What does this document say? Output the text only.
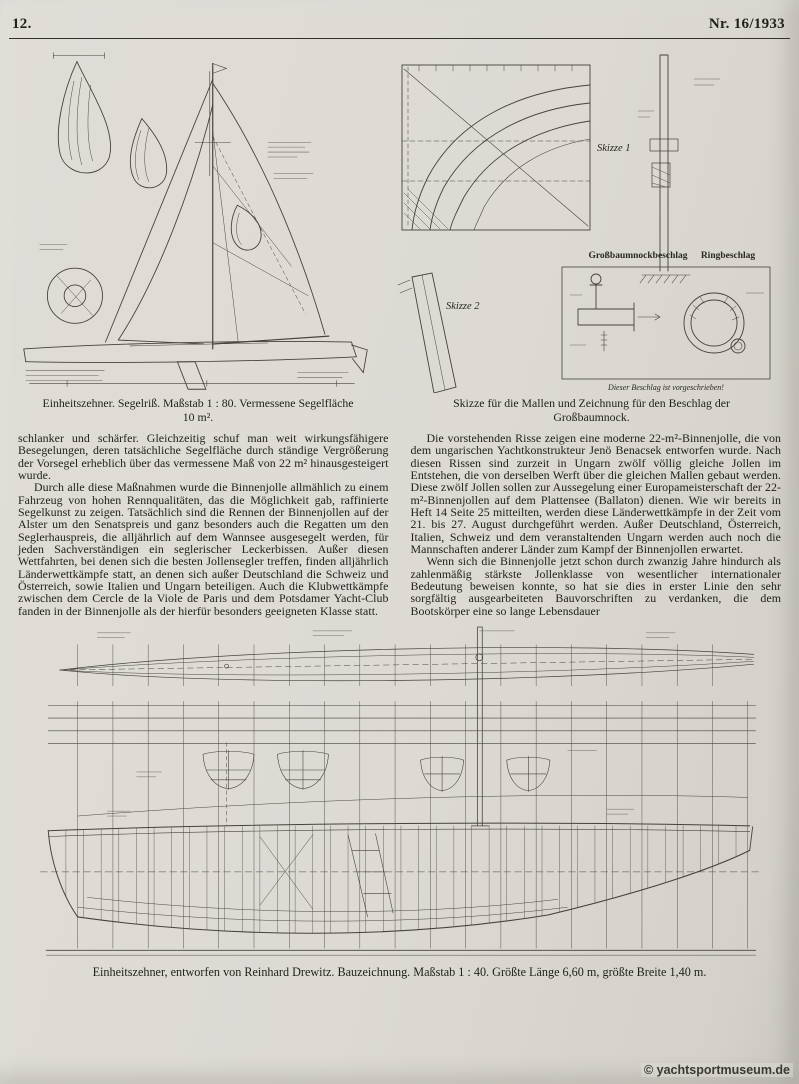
12.	Nr. 16/1933
Einheitszehner. Segelriß. Maßstab 1 : 80. Vermessene Segelfläche
10 m².
Skizze 1
Skizze 2
Großbaumnockbeschlag Ringbeschlag
Dieser Beschlag ist vorgeschrieben!
Skizze für die Mallen und Zeichnung für den Beschlag der
Großbaumnock.

schlanker und schärfer. Gleichzeitig schuf man weit wirkungsfähigere Besegelungen, deren tatsächliche Segelfläche durch ständige Vergrößerung der Vorsegel erheblich über das vermessene Maß von 22 m² hinausgesteigert wurde.

Durch alle diese Maßnahmen wurde die Binnenjolle allmählich zu einem Fahrzeug von hohen Rennqualitäten, das die Möglichkeit gab, raffinierte Segelkunst zu zeigen. Tatsächlich sind die Rennen der Binnenjollen auf der Alster um den Senatspreis und ganz besonders auch die Regatten um den Seglerhauspreis, die alljährlich auf dem Wannsee ausgesegelt werden, für jeden Sachverständigen ein seglerischer Leckerbissen. Außer diesen Wettfahrten, bei denen sich die besten Jollensegler treffen, finden alljährlich Länderwettkämpfe statt, an denen sich außer Deutschland die Schweiz und Österreich, sowie Italien und Ungarn beteiligen. Auch die Klubwettkämpfe zwischen dem Cercle de la Viole de Paris und dem Potsdamer Yacht-Club fanden in der Binnenjolle als der hierfür besonders geeigneten Klasse statt.

Die vorstehenden Risse zeigen eine moderne 22-m²-Binnenjolle, die von dem ungarischen Yachtkonstrukteur Jenö Benacsek entworfen wurde. Nach diesen Rissen sind zurzeit in Ungarn zwölf völlig gleiche Jollen im Entstehen, die von derselben Werft über die gleichen Mallen gebaut werden. Diese zwölf Jollen sollen zur Aussegelung einer Europameisterschaft der 22-m²-Binnenjollen auf dem Plattensee (Ballaton) dienen. Wie wir bereits in Heft 14 Seite 25 mitteilten, werden diese Länderwettkämpfe in der Zeit vom 21. bis 27. August durchgeführt werden. Außer Deutschland, Österreich, Italien, Schweiz und dem veranstaltenden Ungarn werden auch noch die Mannschaften anderer Länder zum Kampf der Binnenjollen erwartet.

Wenn sich die Binnenjolle jetzt schon durch zwanzig Jahre hindurch als zahlenmäßig stärkste Jollenklasse von wesentlicher internationaler Bedeutung beweisen konnte, so hat sie dies in erster Linie den sehr sorgfältig ausgearbeiteten Bauvorschriften zu verdanken, die dem Bootskörper eine so lange Lebensdauer

Einheitszehner, entworfen von Reinhard Drewitz. Bauzeichnung. Maßstab 1 : 40. Größte Länge 6,60 m, größte Breite 1,40 m.
© yachtsportmuseum.de
